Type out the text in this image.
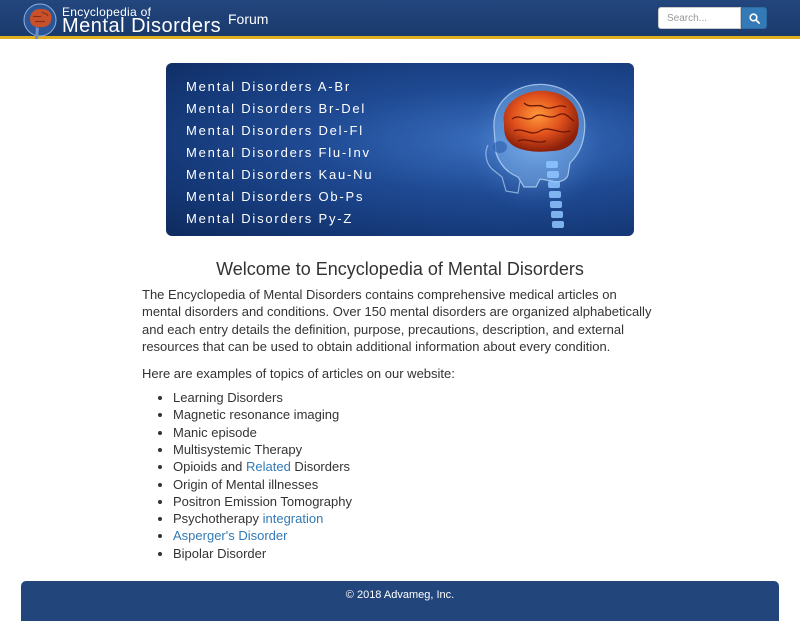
Encyclopedia of
Mental Disorders Forum
Search...
Mental Disorders A-Br
Mental Disorders Br-Del
Mental Disorders Del-Fl
Mental Disorders Flu-Inv
Mental Disorders Kau-Nu
Mental Disorders Ob-Ps
Mental Disorders Py-Z
Welcome to Encyclopedia of Mental Disorders

The Encyclopedia of Mental Disorders contains comprehensive medical articles on mental disorders and conditions. Over 150 mental disorders are organized alphabetically and each entry details the definition, purpose, precautions, description, and external resources that can be used to obtain additional information about every condition.

Here are examples of topics of articles on our website:

• Learning Disorders
• Magnetic resonance imaging
• Manic episode
• Multisystemic Therapy
• Opioids and Related Disorders
• Origin of Mental illnesses
• Positron Emission Tomography
• Psychotherapy integration
• Asperger's Disorder
• Bipolar Disorder
© 2018 Advameg, Inc.
